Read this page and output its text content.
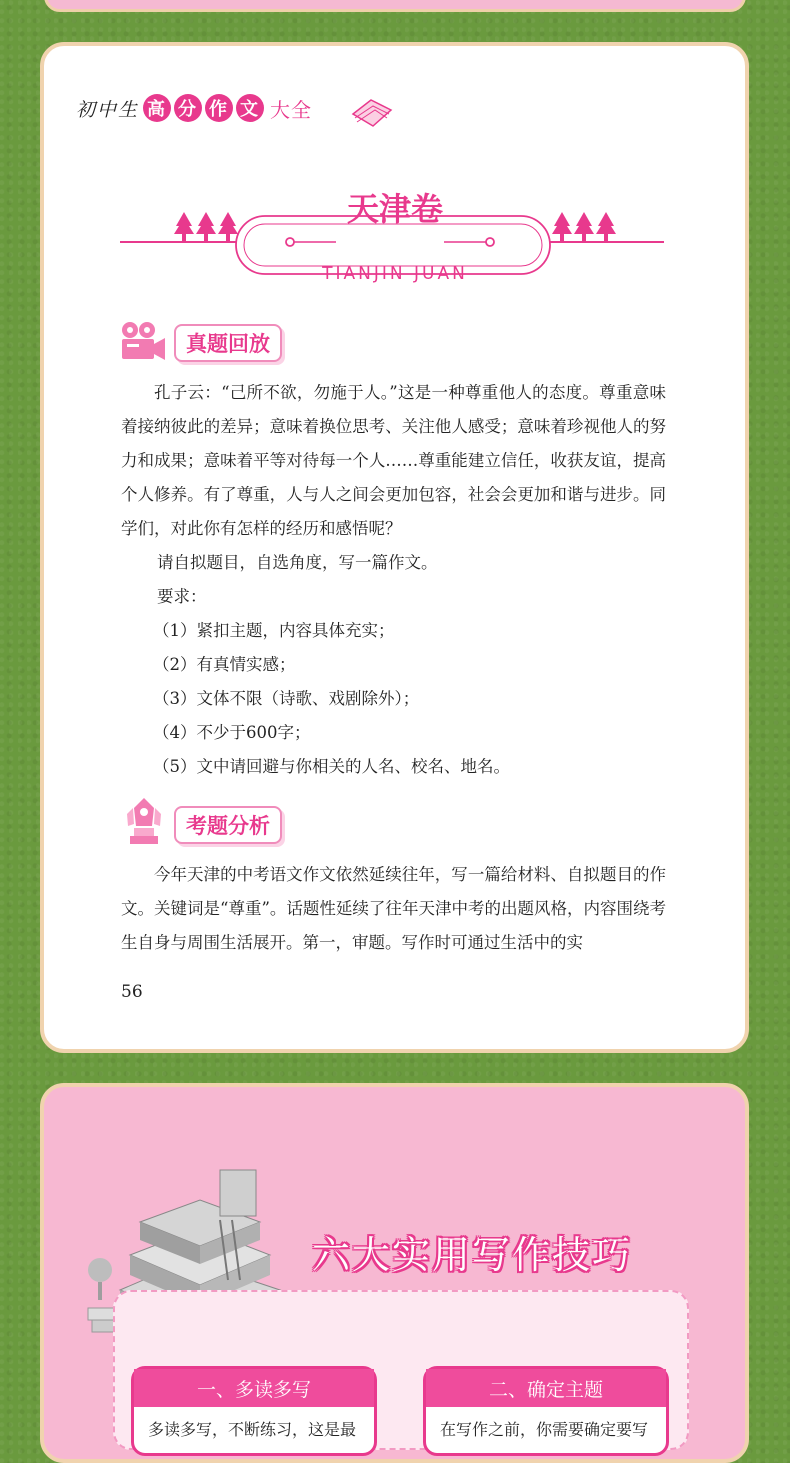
初中生 高 分 作 文 大全
天津卷
TIANJIN JUAN
真题回放
孔子云：“己所不欲，勿施于人。”这是一种尊重他人的态度。尊重意味着接纳彼此的差异；意味着换位思考、关注他人感受；意味着珍视他人的努力和成果；意味着平等对待每一个人……尊重能建立信任，收获友谊，提高个人修养。有了尊重，人与人之间会更加包容，社会会更加和谐与进步。同学们，对此你有怎样的经历和感悟呢？
请自拟题目，自选角度，写一篇作文。
要求：
（1）紧扣主题，内容具体充实；
（2）有真情实感；
（3）文体不限（诗歌、戏剧除外）；
（4）不少于600字；
（5）文中请回避与你相关的人名、校名、地名。
考题分析
今年天津的中考语文作文依然延续往年，写一篇给材料、自拟题目的作文。关键词是“尊重”。话题性延续了往年天津中考的出题风格，内容围绕考生自身与周围生活展开。第一，审题。写作时可通过生活中的实
56
六大实用写作技巧
一、多读多写
多读多写，不断练习，这是最
二、确定主题
在写作之前，你需要确定要写
